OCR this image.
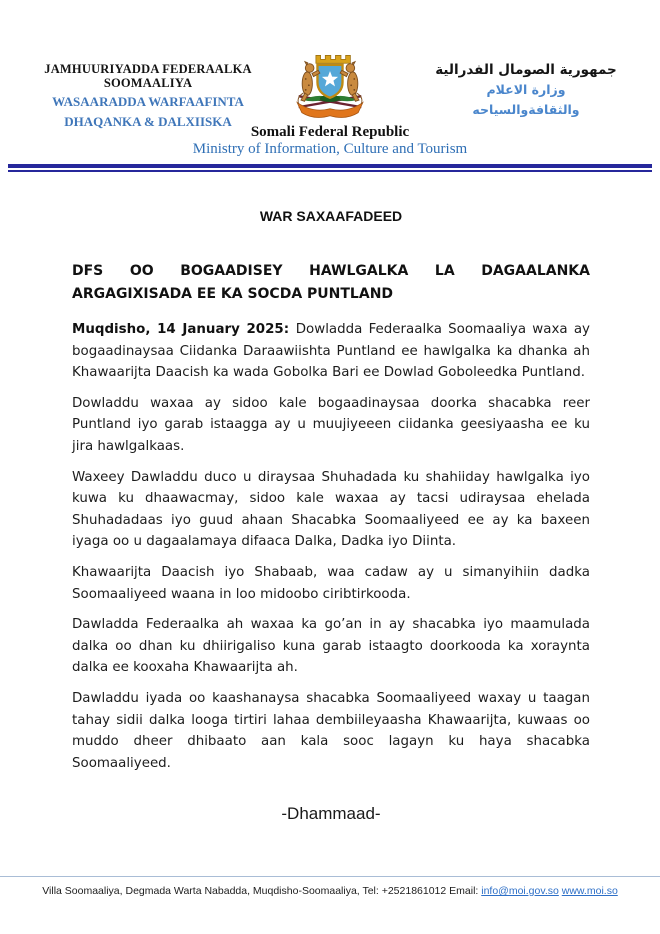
JAMHUURIYADDA FEDERAALKA
SOOMAALIYA
WASAARADDA WARFAAFINTA
DHAQANKA & DALXIISKA
جمهورية الصومال الفدرالية
وزارة الاعلام
والثقافةوالسياحه
Somali Federal Republic
Ministry of Information, Culture and Tourism

WAR SAXAAFADEED

DFS OO BOGAADISEY HAWLGALKA LA DAGAALANKA ARGAGIXISADA EE KA SOCDA PUNTLAND

Muqdisho, 14 January 2025: Dowladda Federaalka Soomaaliya waxa ay bogaadinaysaa Ciidanka Daraawiishta Puntland ee hawlgalka ka dhanka ah Khawaarijta Daacish ka wada Gobolka Bari ee Dowlad Goboleedka Puntland.

Dowladdu waxaa ay sidoo kale bogaadinaysaa doorka shacabka reer Puntland iyo garab istaagga ay u muujiyeeen ciidanka geesiyaasha ee ku jira hawlgalkaas.

Waxeey Dawladdu duco u diraysaa Shuhadada ku shahiiday hawlgalka iyo kuwa ku dhaawacmay, sidoo kale waxaa ay tacsi udiraysaa ehelada Shuhadadaas iyo guud ahaan Shacabka Soomaaliyeed ee ay ka baxeen iyaga oo u dagaalamaya difaaca Dalka, Dadka iyo Diinta.

Khawaarijta Daacish iyo Shabaab, waa cadaw ay u simanyihiin dadka Soomaaliyeed waana in loo midoobo ciribtirkooda.

Dawladda Federaalka ah waxaa ka go’an in ay shacabka iyo maamulada dalka oo dhan ku dhiirigaliso kuna garab istaagto doorkooda ka xoraynta dalka ee kooxaha Khawaarijta ah.

Dawladdu iyada oo kaashanaysa shacabka Soomaaliyeed waxay u taagan tahay sidii dalka looga tirtiri lahaa dembiileyaasha Khawaarijta, kuwaas oo muddo dheer dhibaato aan kala sooc lagayn ku haya shacabka Soomaaliyeed.

-Dhammaad-

Villa Soomaaliya, Degmada Warta Nabadda, Muqdisho-Soomaaliya, Tel: +2521861012 Email: info@moi.gov.so www.moi.so
